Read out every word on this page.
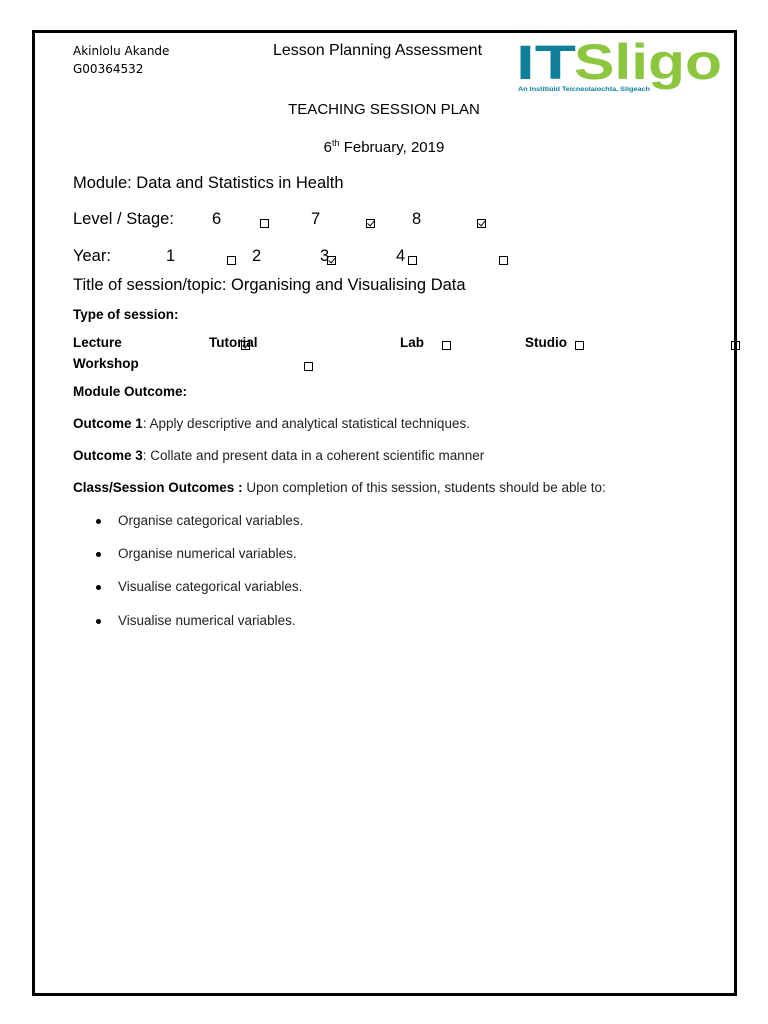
Akinlolu Akande
G00364532
Lesson Planning Assessment IT
Sligo
An Institiúid Teicneolaíochta, Sligeach
TEACHING SESSION PLAN
6th February, 2019
Module: Data and Statistics in Health
Level / Stage: 6
	7
	8

Year:	1
	2
	3
	4

Title of session/topic: Organising and Visualising Data
Type of session:
Lecture
	Tutorial
	Lab
	Studio

Workshop
Module Outcome:
Outcome 1: Apply descriptive and analytical statistical techniques.
Outcome 3: Collate and present data in a coherent scientific manner
Class/Session Outcomes : Upon completion of this session, students should be able to:
Organise categorical variables.
Organise numerical variables.
Visualise categorical variables.
Visualise numerical variables.
